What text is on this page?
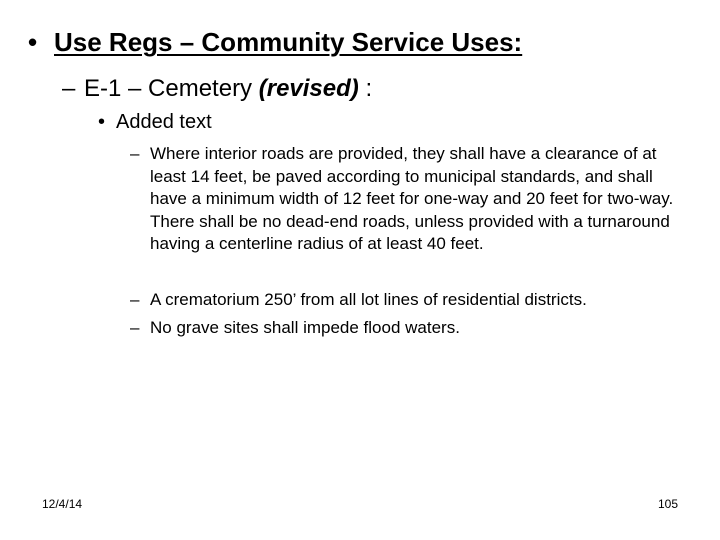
• Use Regs – Community Service Uses:
– E-1 – Cemetery (revised) :
• Added text
– Where interior roads are provided, they shall have a clearance of at least 14 feet, be paved according to municipal standards, and shall have a minimum width of 12 feet for one-way and 20 feet for two-way. There shall be no dead-end roads, unless provided with a turnaround having a centerline radius of at least 40 feet.
– A crematorium 250’ from all lot lines of residential districts.
– No grave sites shall impede flood waters.
12/4/14	105
